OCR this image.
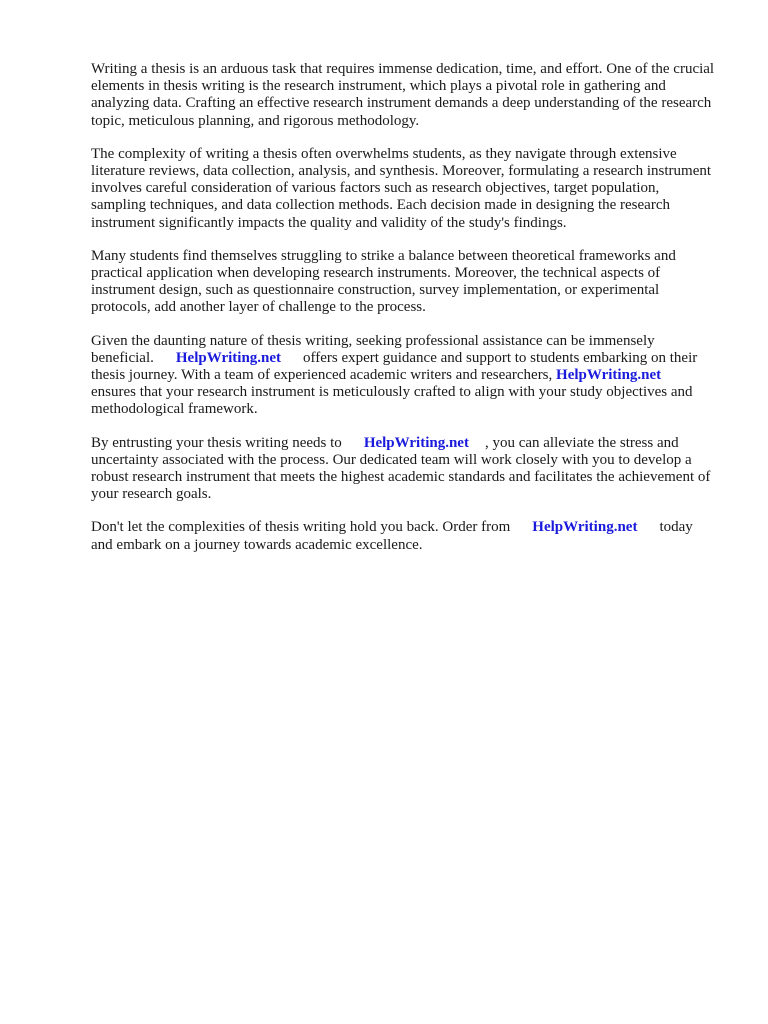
Writing a thesis is an arduous task that requires immense dedication, time, and effort. One of the crucial elements in thesis writing is the research instrument, which plays a pivotal role in gathering and analyzing data. Crafting an effective research instrument demands a deep understanding of the research topic, meticulous planning, and rigorous methodology.

The complexity of writing a thesis often overwhelms students, as they navigate through extensive literature reviews, data collection, analysis, and synthesis. Moreover, formulating a research instrument involves careful consideration of various factors such as research objectives, target population, sampling techniques, and data collection methods. Each decision made in designing the research instrument significantly impacts the quality and validity of the study's findings.

Many students find themselves struggling to strike a balance between theoretical frameworks and practical application when developing research instruments. Moreover, the technical aspects of instrument design, such as questionnaire construction, survey implementation, or experimental protocols, add another layer of challenge to the process.

Given the daunting nature of thesis writing, seeking professional assistance can be immensely beneficial. HelpWriting.net offers expert guidance and support to students embarking on their thesis journey. With a team of experienced academic writers and researchers, HelpWriting.netensures that your research instrument is meticulously crafted to align with your study objectives and methodological framework.

By entrusting your thesis writing needs to HelpWriting.net , you can alleviate the stress and uncertainty associated with the process. Our dedicated team will work closely with you to develop a robust research instrument that meets the highest academic standards and facilitates the achievement of your research goals.

Don't let the complexities of thesis writing hold you back. Order from HelpWriting.net today and embark on a journey towards academic excellence.
